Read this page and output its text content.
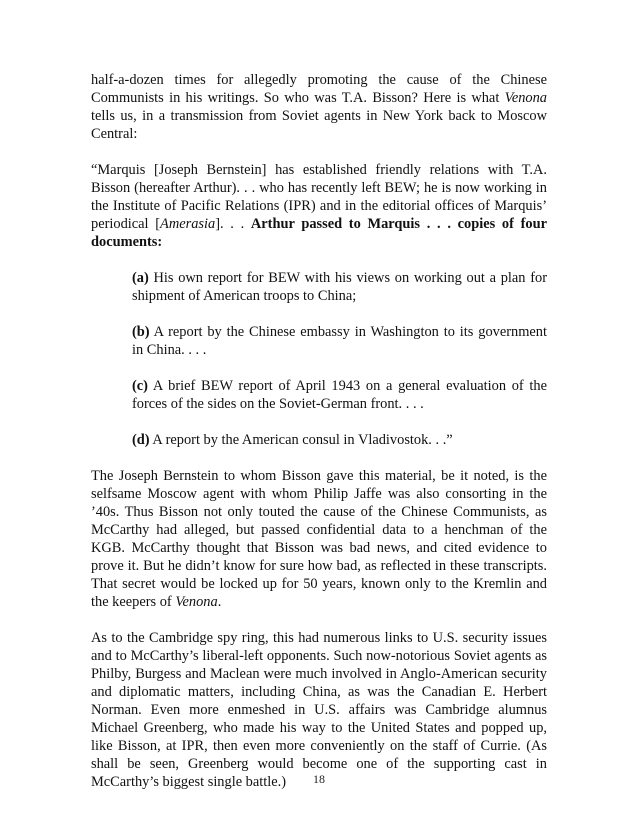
half-a-dozen times for allegedly promoting the cause of the Chinese Communists in his writings. So who was T.A. Bisson? Here is what Venona tells us, in a transmission from Soviet agents in New York back to Moscow Central:

“Marquis [Joseph Bernstein] has established friendly relations with T.A. Bisson (hereafter Arthur). . . who has recently left BEW; he is now working in the Institute of Pacific Relations (IPR) and in the editorial offices of Marquis’ periodical [Amerasia]. . . Arthur passed to Marquis . . . copies of four documents:

(a) His own report for BEW with his views on working out a plan for shipment of American troops to China;

(b) A report by the Chinese embassy in Washington to its government in China. . . .

(c) A brief BEW report of April 1943 on a general evaluation of the forces of the sides on the Soviet-German front. . . .

(d) A report by the American consul in Vladivostok. . .”

The Joseph Bernstein to whom Bisson gave this material, be it noted, is the selfsame Moscow agent with whom Philip Jaffe was also consorting in the ’40s. Thus Bisson not only touted the cause of the Chinese Communists, as McCarthy had alleged, but passed confidential data to a henchman of the KGB. McCarthy thought that Bisson was bad news, and cited evidence to prove it. But he didn’t know for sure how bad, as reflected in these transcripts. That secret would be locked up for 50 years, known only to the Kremlin and the keepers of Venona.

As to the Cambridge spy ring, this had numerous links to U.S. security issues and to McCarthy’s liberal-left opponents. Such now-notorious Soviet agents as Philby, Burgess and Maclean were much involved in Anglo-American security and diplomatic matters, including China, as was the Canadian E. Herbert Norman. Even more enmeshed in U.S. affairs was Cambridge alumnus Michael Greenberg, who made his way to the United States and popped up, like Bisson, at IPR, then even more conveniently on the staff of Currie. (As shall be seen, Greenberg would become one of the supporting cast in McCarthy’s biggest single battle.)	18
